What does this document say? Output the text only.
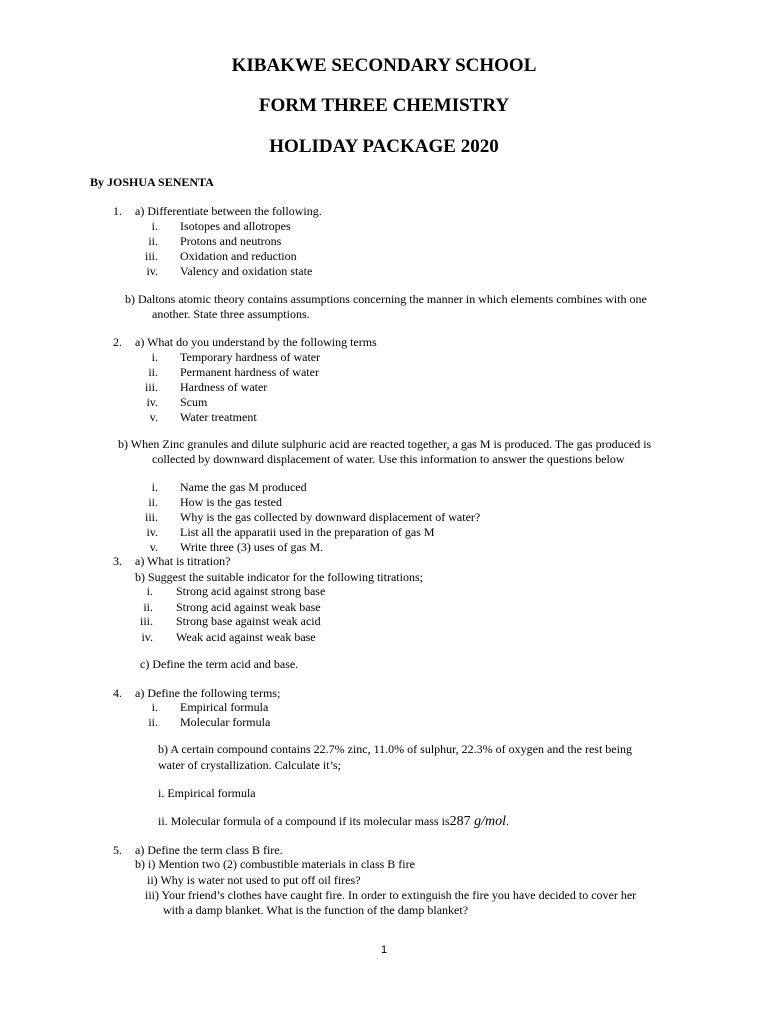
KIBAKWE SECONDARY SCHOOL
FORM THREE CHEMISTRY
HOLIDAY PACKAGE 2020
By JOSHUA SENENTA
1. a) Differentiate between the following.
i. Isotopes and allotropes
ii. Protons and neutrons
iii. Oxidation and reduction
iv. Valency and oxidation state
b) Daltons atomic theory contains assumptions concerning the manner in which elements combines with one
another. State three assumptions.
2. a) What do you understand by the following terms
i. Temporary hardness of water
ii. Permanent hardness of water
iii. Hardness of water
iv. Scum
v. Water treatment
b) When Zinc granules and dilute sulphuric acid are reacted together, a gas M is produced. The gas produced is
collected by downward displacement of water. Use this information to answer the questions below
i. Name the gas M produced
ii. How is the gas tested
iii. Why is the gas collected by downward displacement of water?
iv. List all the apparatii used in the preparation of gas M
v. Write three (3) uses of gas M.
3. a) What is titration?
b) Suggest the suitable indicator for the following titrations;
i. Strong acid against strong base
ii. Strong acid against weak base
iii. Strong base against weak acid
iv. Weak acid against weak base
c) Define the term acid and base.
4. a) Define the following terms;
i. Empirical formula
ii. Molecular formula
b) A certain compound contains 22.7% zinc, 11.0% of sulphur, 22.3% of oxygen and the rest being
water of crystallization. Calculate it’s;
i. Empirical formula
ii. Molecular formula of a compound if its molecular mass is287 g/mol.
5. a) Define the term class B fire.
b) i) Mention two (2) combustible materials in class B fire
ii) Why is water not used to put off oil fires?
iii) Your friend’s clothes have caught fire. In order to extinguish the fire you have decided to cover her
with a damp blanket. What is the function of the damp blanket?
1
